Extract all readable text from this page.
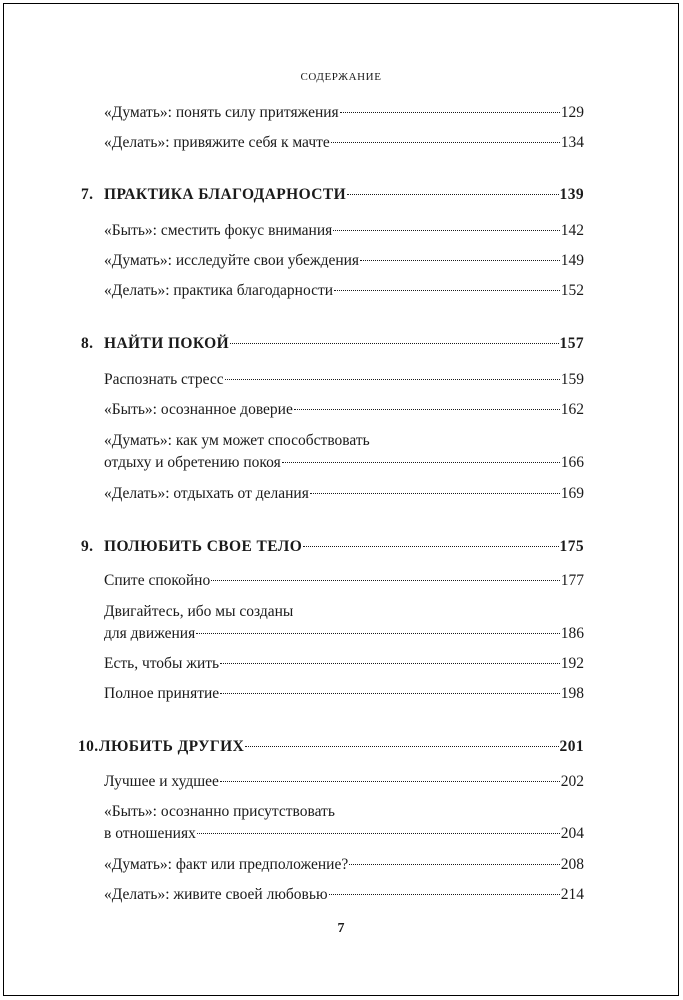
СОДЕРЖАНИЕ
«Думать»: понять силу притяжения	129
«Делать»: привяжите себя к мачте	134
7. ПРАКТИКА БЛАГОДАРНОСТИ	139
«Быть»: сместить фокус внимания	142
«Думать»: исследуйте свои убеждения	149
«Делать»: практика благодарности	152
8. НАЙТИ ПОКОЙ	157
Распознать стресс	159
«Быть»: осознанное доверие	162
«Думать»: как ум может способствовать
отдыху и обретению покоя	166
«Делать»: отдыхать от делания	169
9. ПОЛЮБИТЬ СВОЕ ТЕЛО	175
Спите спокойно	177
Двигайтесь, ибо мы созданы
для движения	186
Есть, чтобы жить	192
Полное принятие	198
10.ЛЮБИТЬ ДРУГИХ	201
Лучшее и худшее	202
«Быть»: осознанно присутствовать
в отношениях	204
«Думать»: факт или предположение?	208
«Делать»: живите своей любовью	214
7
